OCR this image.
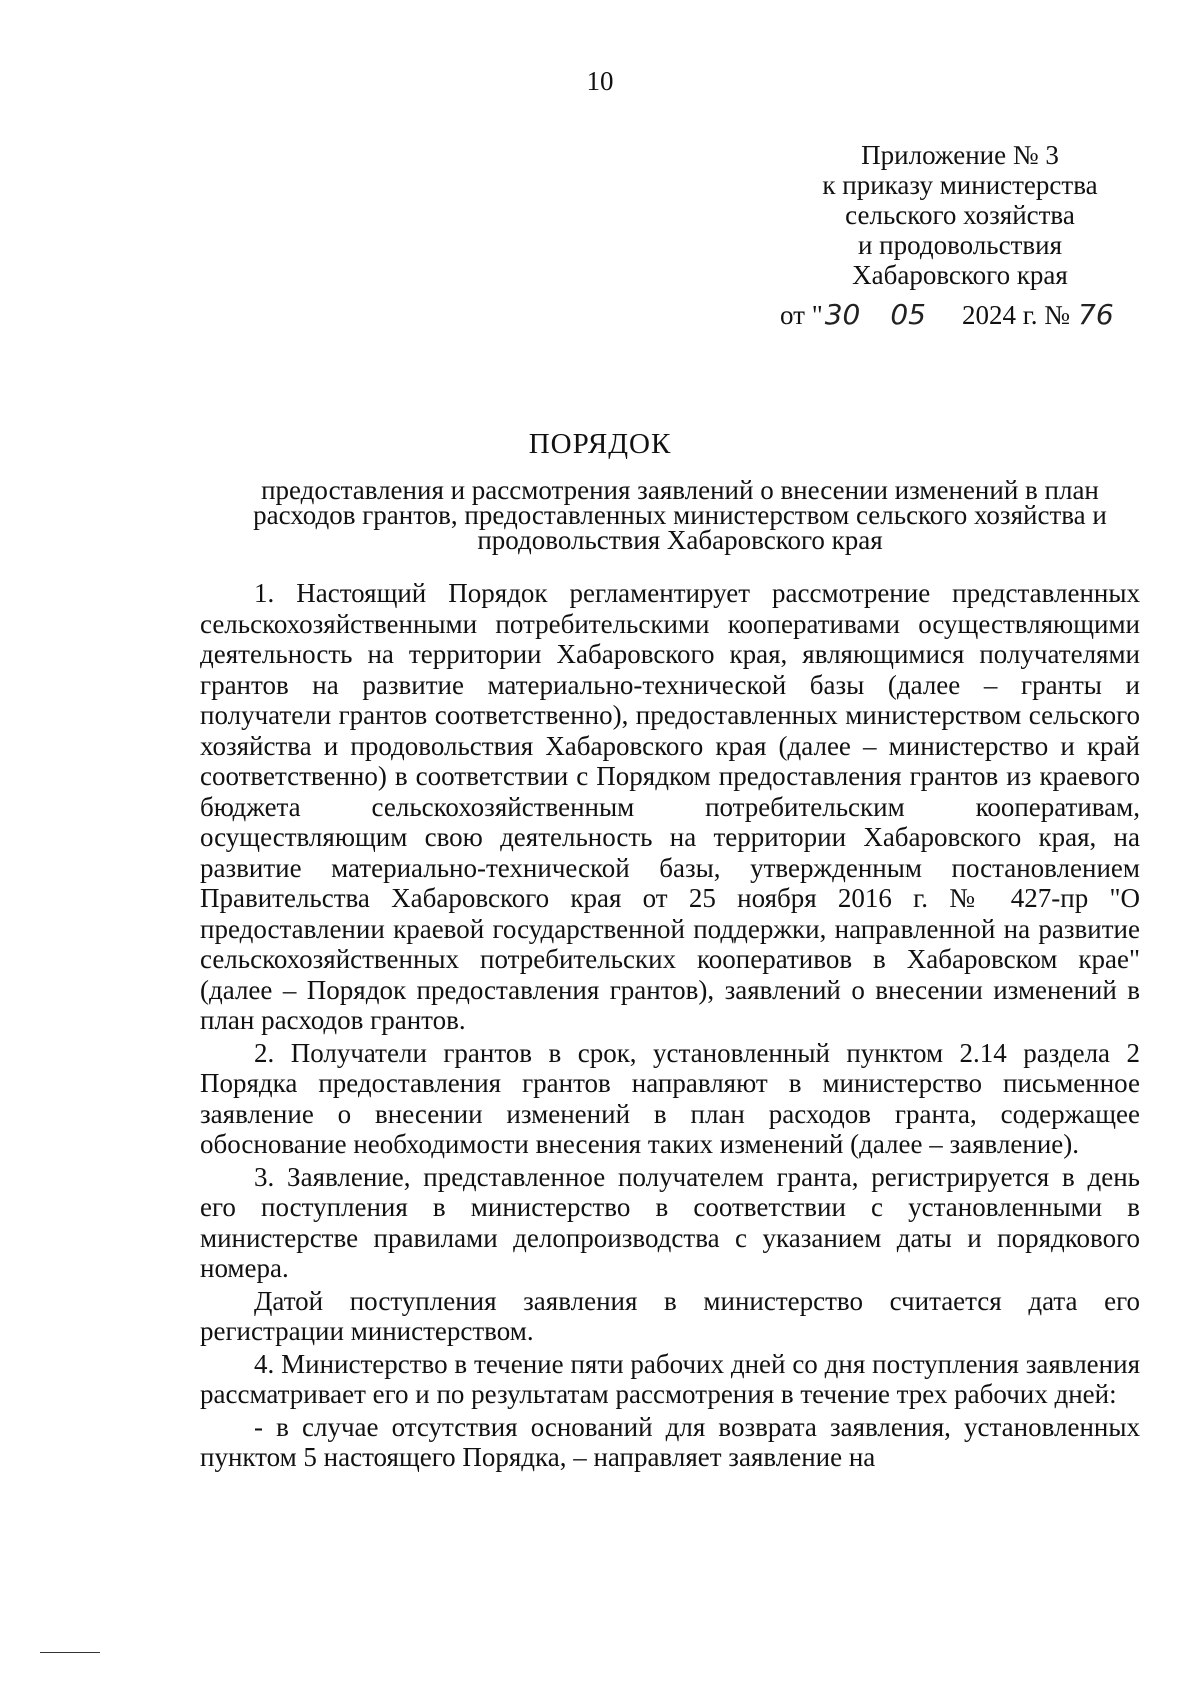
10
Приложение № 3
к приказу министерства
сельского хозяйства
и продовольствия
Хабаровского края
от "30 05 2024 г. № 76
ПОРЯДОК
предоставления и рассмотрения заявлений о внесении изменений в план расходов грантов, предоставленных министерством сельского хозяйства и продовольствия Хабаровского края

1. Настоящий Порядок регламентирует рассмотрение представленных сельскохозяйственными потребительскими кооперативами осуществляющими деятельность на территории Хабаровского края, являющимися получателями грантов на развитие материально-технической базы (далее – гранты и получатели грантов соответственно), предоставленных министерством сельского хозяйства и продовольствия Хабаровского края (далее – министерство и край соответственно) в соответствии с Порядком предоставления грантов из краевого бюджета сельскохозяйственным потребительским кооперативам, осуществляющим свою деятельность на территории Хабаровского края, на развитие материально-технической базы, утвержденным постановлением Правительства Хабаровского края от 25 ноября 2016 г. № 427-пр "О предоставлении краевой государственной поддержки, направленной на развитие сельскохозяйственных потребительских кооперативов в Хабаровском крае" (далее – Порядок предоставления грантов), заявлений о внесении изменений в план расходов грантов.

2. Получатели грантов в срок, установленный пунктом 2.14 раздела 2 Порядка предоставления грантов направляют в министерство письменное заявление о внесении изменений в план расходов гранта, содержащее обоснование необходимости внесения таких изменений (далее – заявление).

3. Заявление, представленное получателем гранта, регистрируется в день его поступления в министерство в соответствии с установленными в министерстве правилами делопроизводства с указанием даты и порядкового номера.

Датой поступления заявления в министерство считается дата его регистрации министерством.

4. Министерство в течение пяти рабочих дней со дня поступления заявления рассматривает его и по результатам рассмотрения в течение трех рабочих дней:

- в случае отсутствия оснований для возврата заявления, установленных пунктом 5 настоящего Порядка, – направляет заявление на
